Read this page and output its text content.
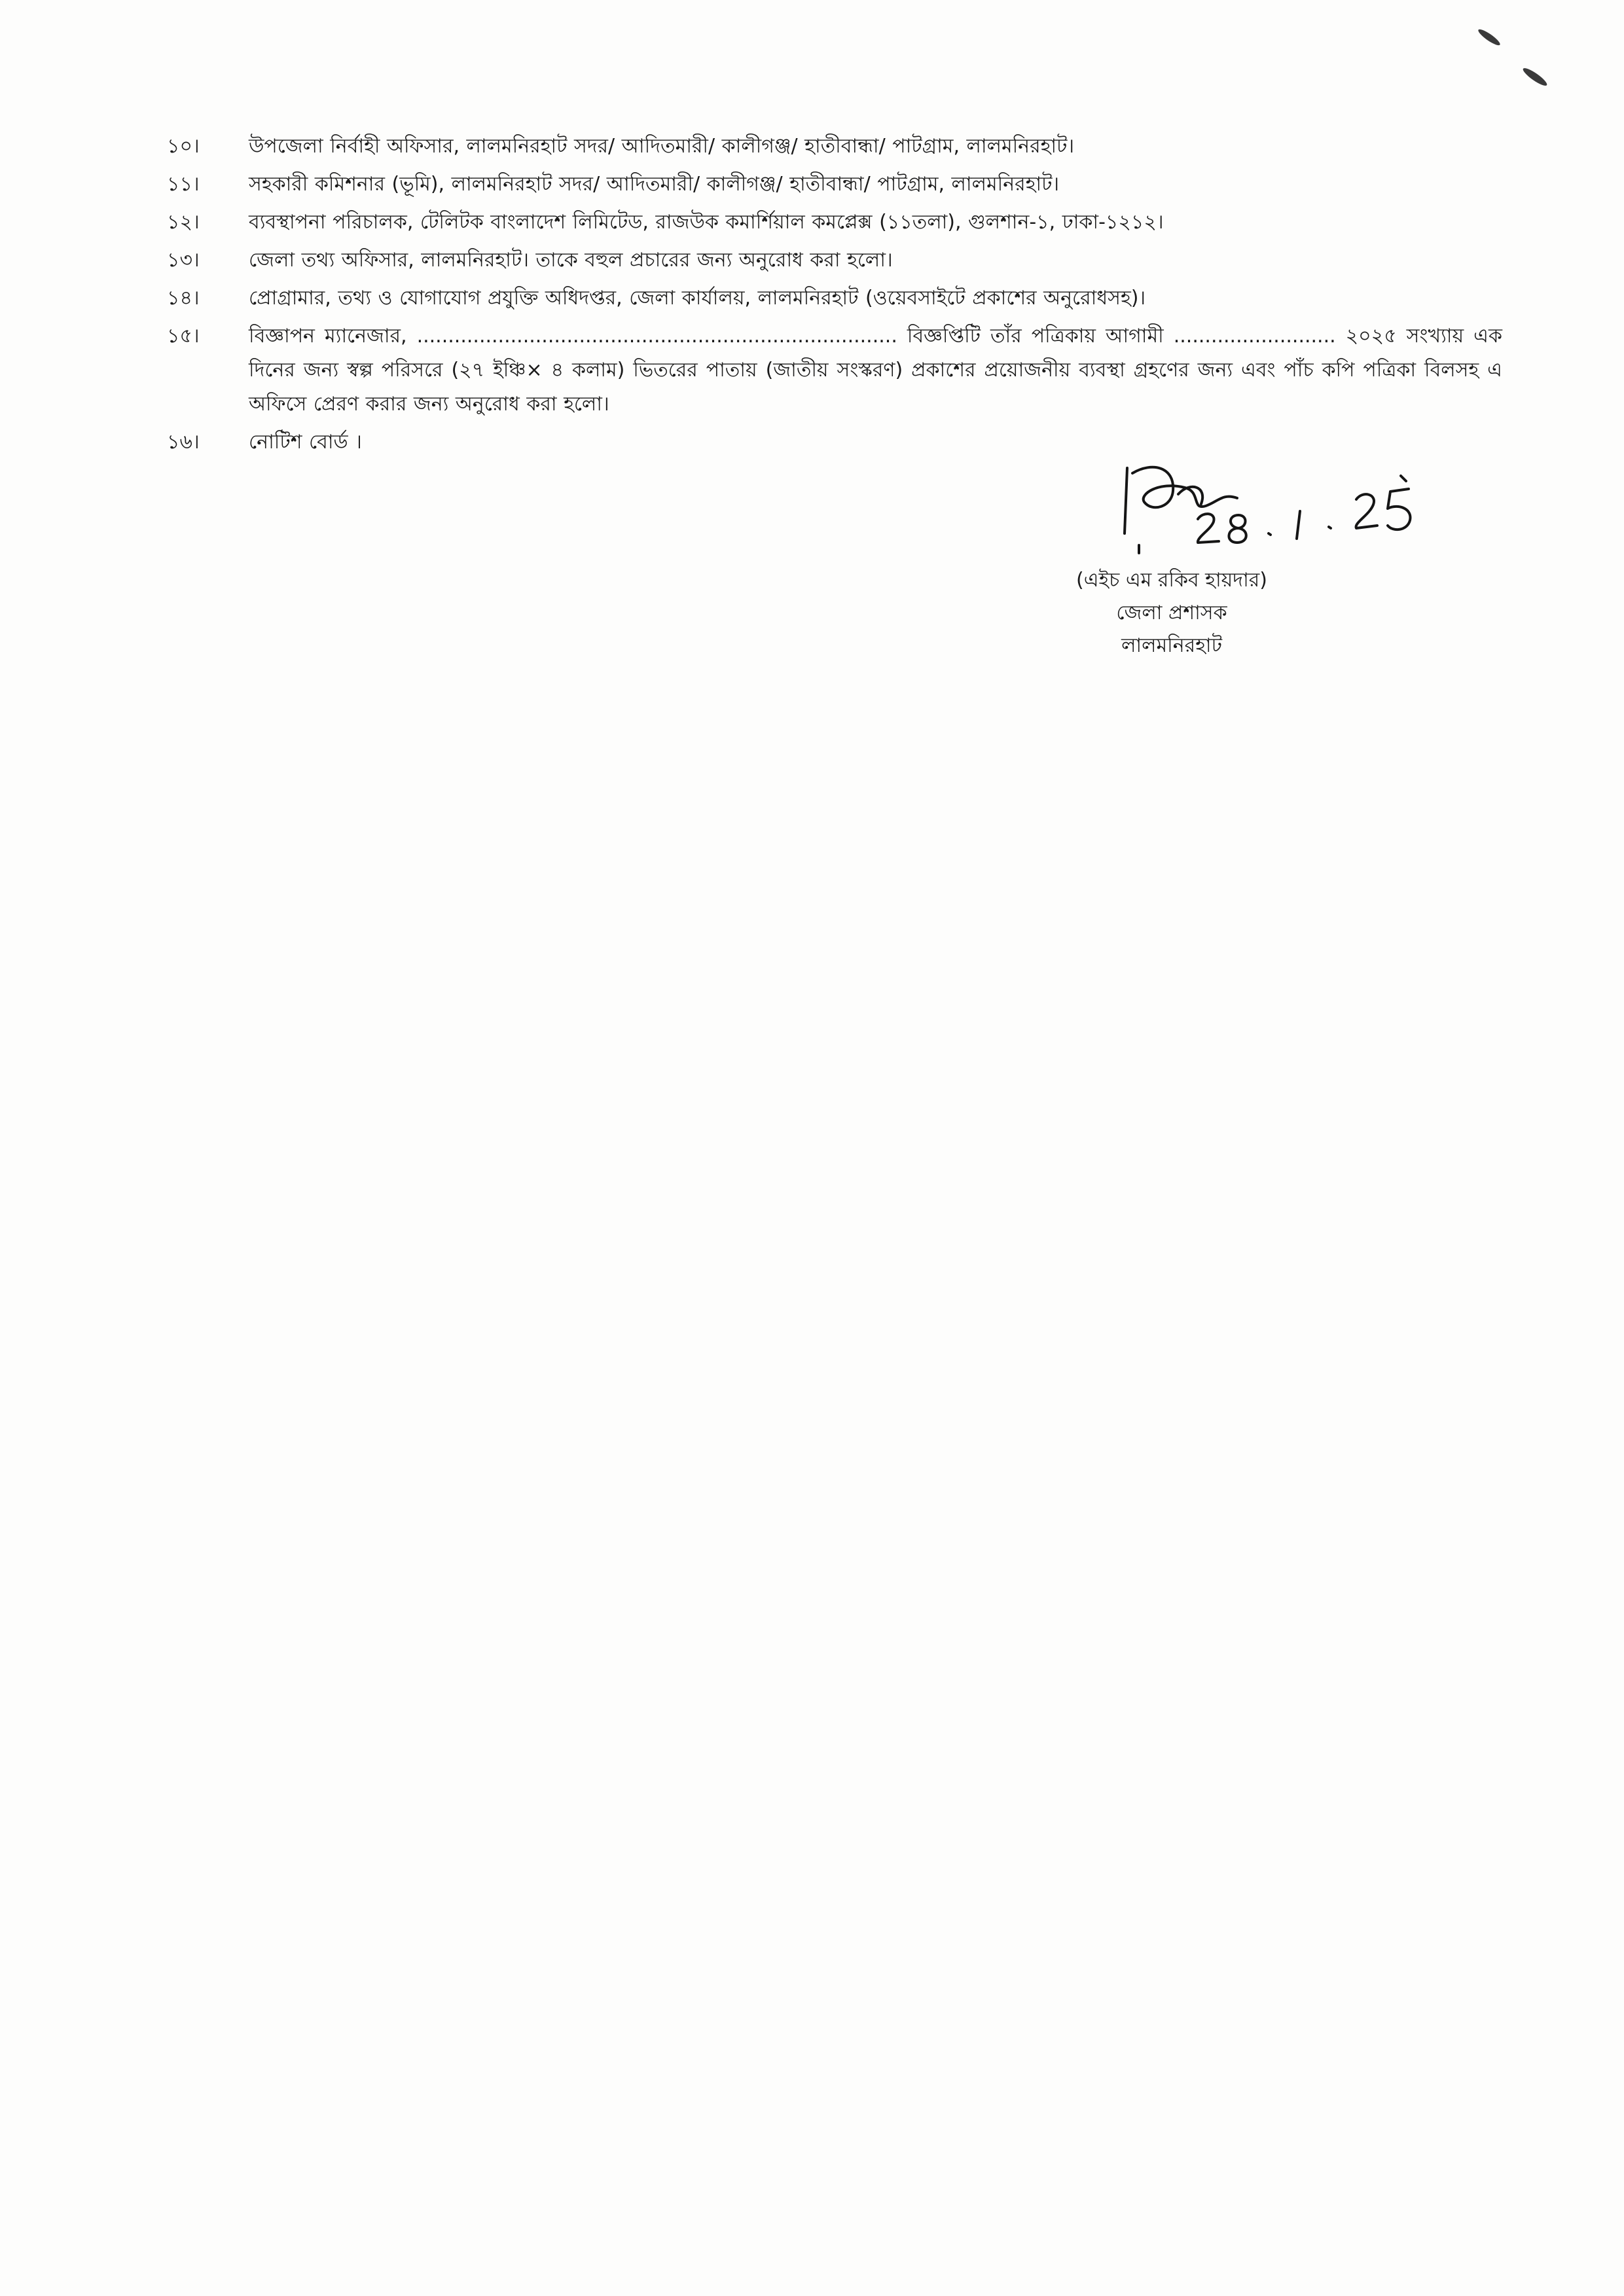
১০।	উপজেলা নির্বাহী অফিসার, লালমনিরহাট সদর/ আদিতমারী/ কালীগঞ্জ/ হাতীবান্ধা/ পাটগ্রাম, লালমনিরহাট।
১১।	সহকারী কমিশনার (ভূমি), লালমনিরহাট সদর/ আদিতমারী/ কালীগঞ্জ/ হাতীবান্ধা/ পাটগ্রাম, লালমনিরহাট।
১২।	ব্যবস্থাপনা পরিচালক, টেলিটক বাংলাদেশ লিমিটেড, রাজউক কমার্শিয়াল কমপ্লেক্স (১১তলা), গুলশান-১, ঢাকা-১২১২।
১৩।	জেলা তথ্য অফিসার, লালমনিরহাট। তাকে বহুল প্রচারের জন্য অনুরোধ করা হলো।
১৪।	প্রোগ্রামার, তথ্য ও যোগাযোগ প্রযুক্তি অধিদপ্তর, জেলা কার্যালয়, লালমনিরহাট (ওয়েবসাইটে প্রকাশের অনুরোধসহ)।
১৫।	বিজ্ঞাপন ম্যানেজার, ............................................................................. বিজ্ঞপ্তিটি তাঁর পত্রিকায় আগামী .......................... ২০২৫ সংখ্যায় এক দিনের জন্য স্বল্প পরিসরে (২৭ ইঞ্চি× ৪ কলাম) ভিতরের পাতায় (জাতীয় সংস্করণ) প্রকাশের প্রয়োজনীয় ব্যবস্থা গ্রহণের জন্য এবং পাঁচ কপি পত্রিকা বিলসহ এ অফিসে প্রেরণ করার জন্য অনুরোধ করা হলো।
১৬।	নোটিশ বোর্ড ।
(এইচ এম রকিব হায়দার)
জেলা প্রশাসক
লালমনিরহাট
